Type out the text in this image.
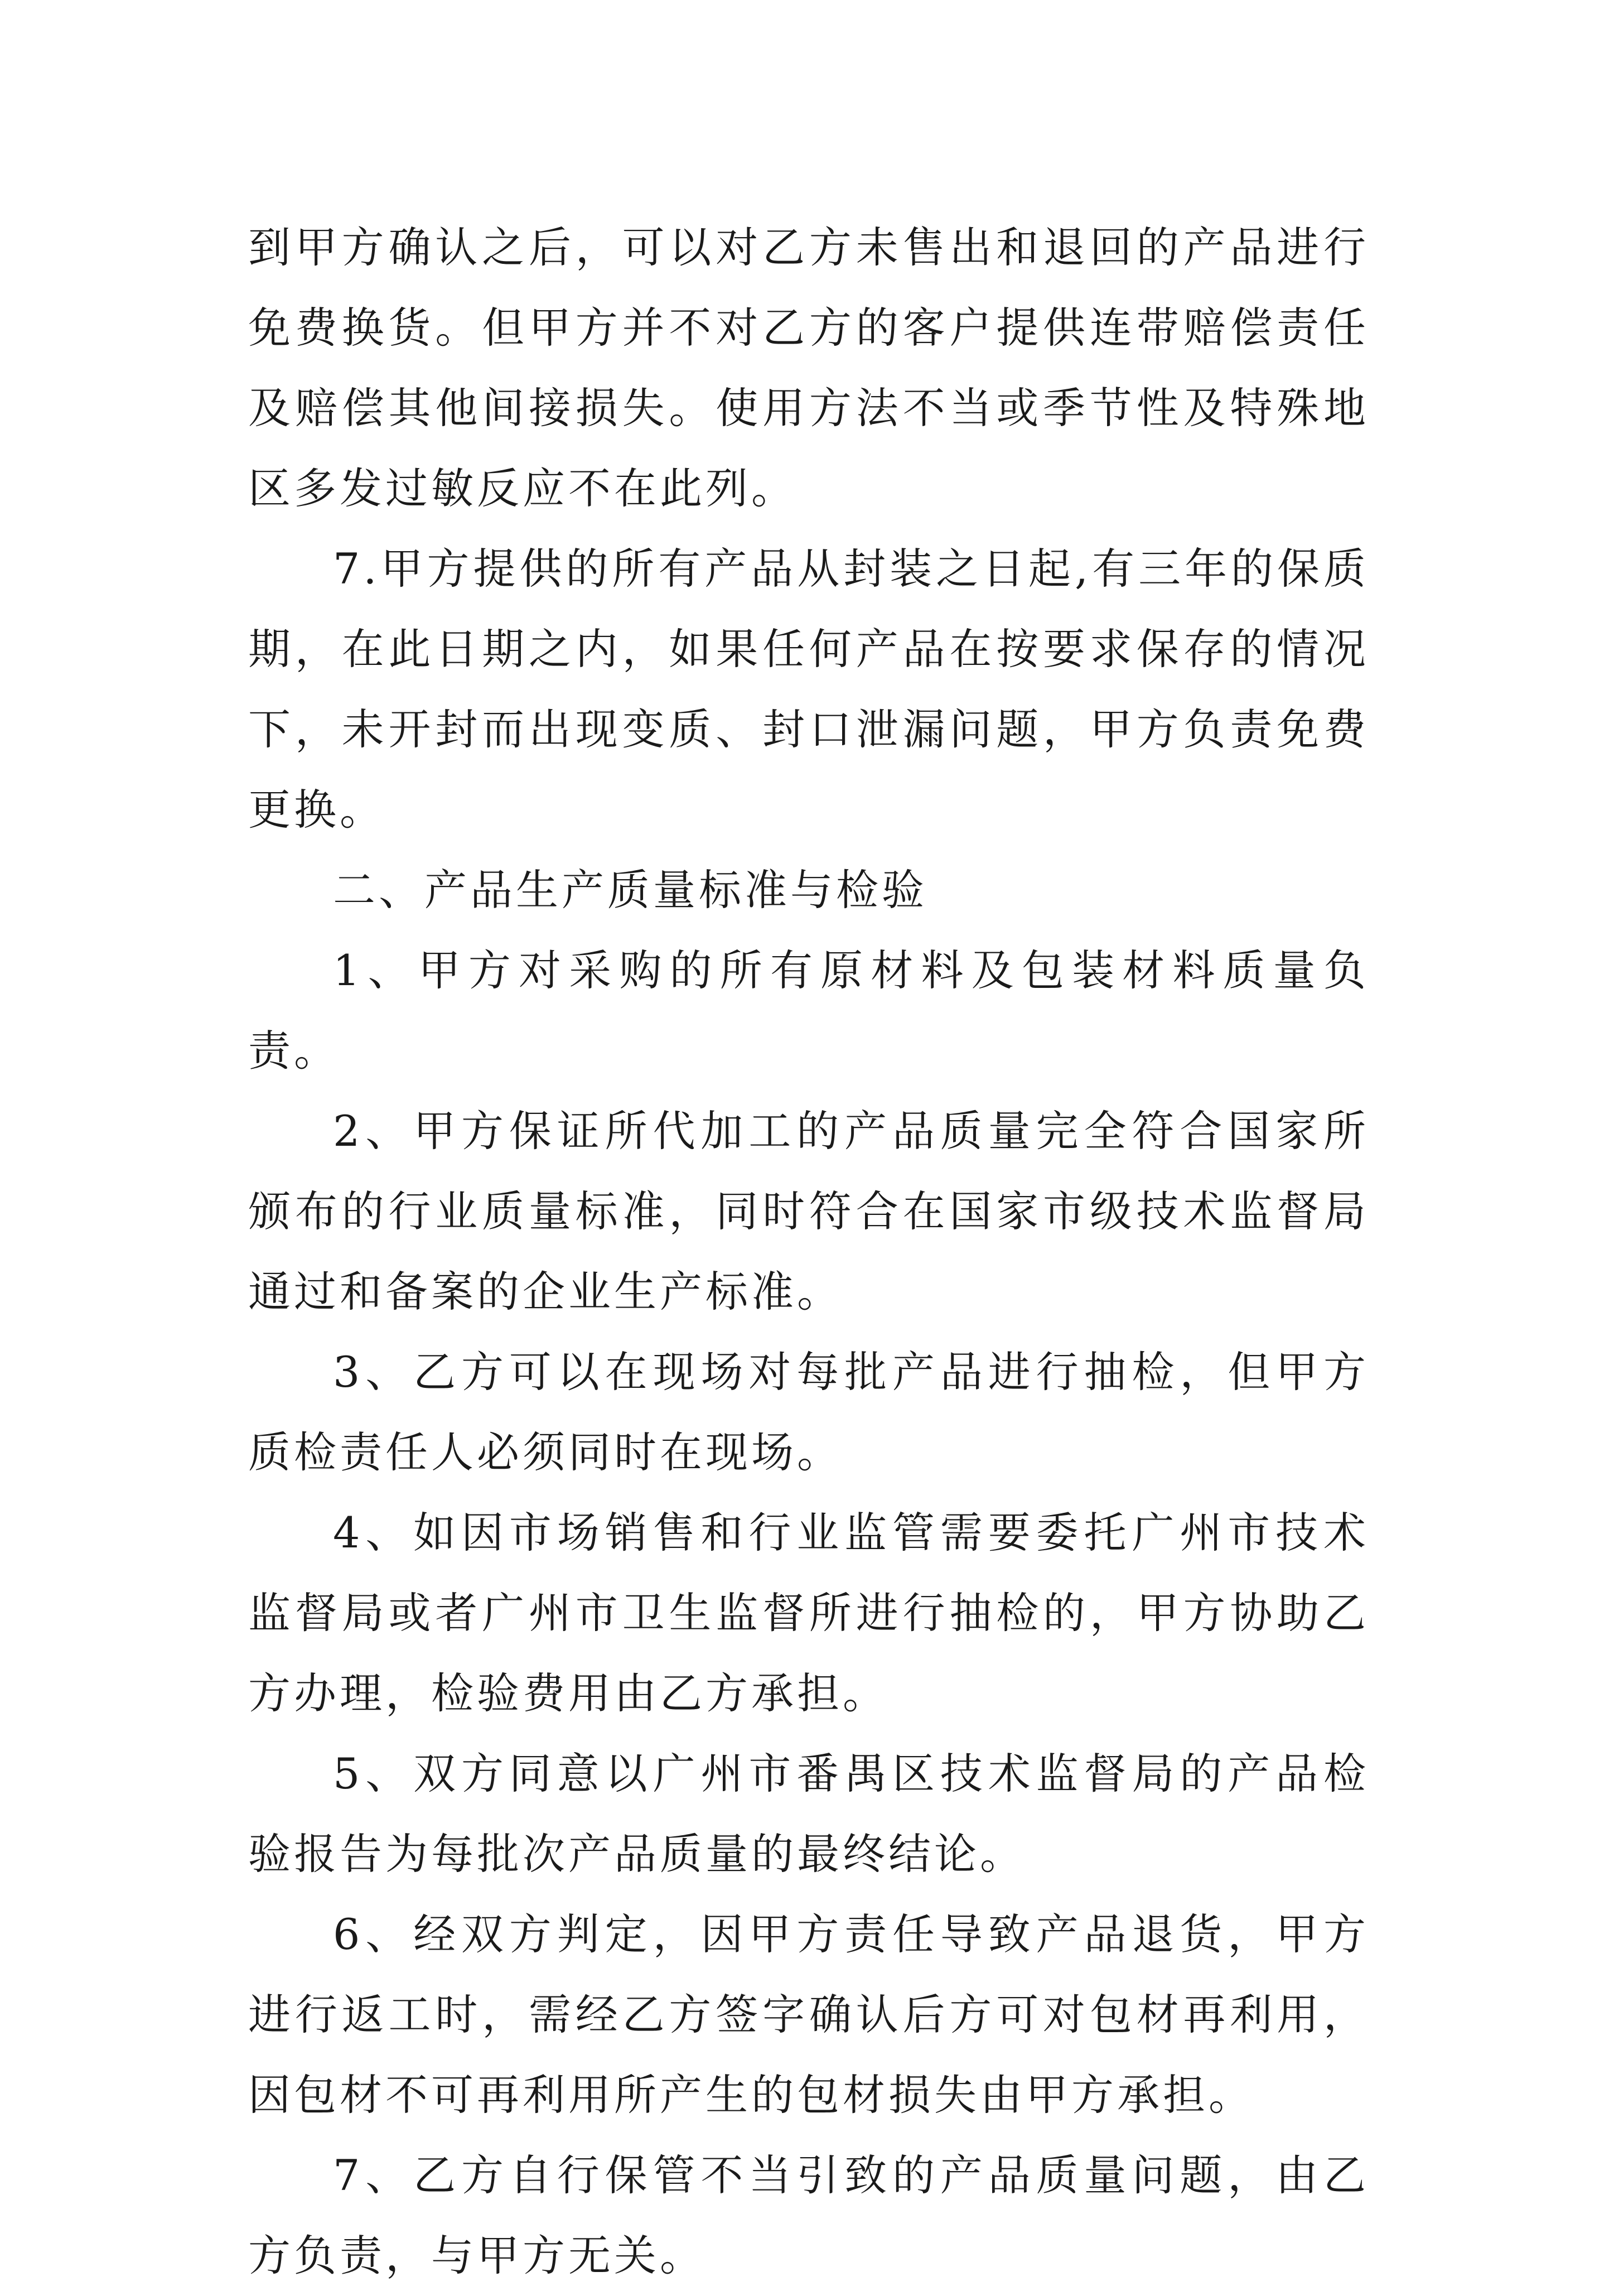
到甲方确认之后，可以对乙方未售出和退回的产品进行免费换货。但甲方并不对乙方的客户提供连带赔偿责任及赔偿其他间接损失。使用方法不当或季节性及特殊地区多发过敏反应不在此列。

7.甲方提供的所有产品从封装之日起,有三年的保质期，在此日期之内，如果任何产品在按要求保存的情况下，未开封而出现变质、封口泄漏问题，甲方负责免费更换。

二、产品生产质量标准与检验

1、甲方对采购的所有原材料及包装材料质量负责。

2、甲方保证所代加工的产品质量完全符合国家所颁布的行业质量标准，同时符合在国家市级技术监督局通过和备案的企业生产标准。

3、乙方可以在现场对每批产品进行抽检，但甲方质检责任人必须同时在现场。

4、如因市场销售和行业监管需要委托广州市技术监督局或者广州市卫生监督所进行抽检的，甲方协助乙方办理，检验费用由乙方承担。

5、双方同意以广州市番禺区技术监督局的产品检验报告为每批次产品质量的最终结论。

6、经双方判定，因甲方责任导致产品退货，甲方进行返工时，需经乙方签字确认后方可对包材再利用，因包材不可再利用所产生的包材损失由甲方承担。

7、乙方自行保管不当引致的产品质量问题，由乙方负责，与甲方无关。
